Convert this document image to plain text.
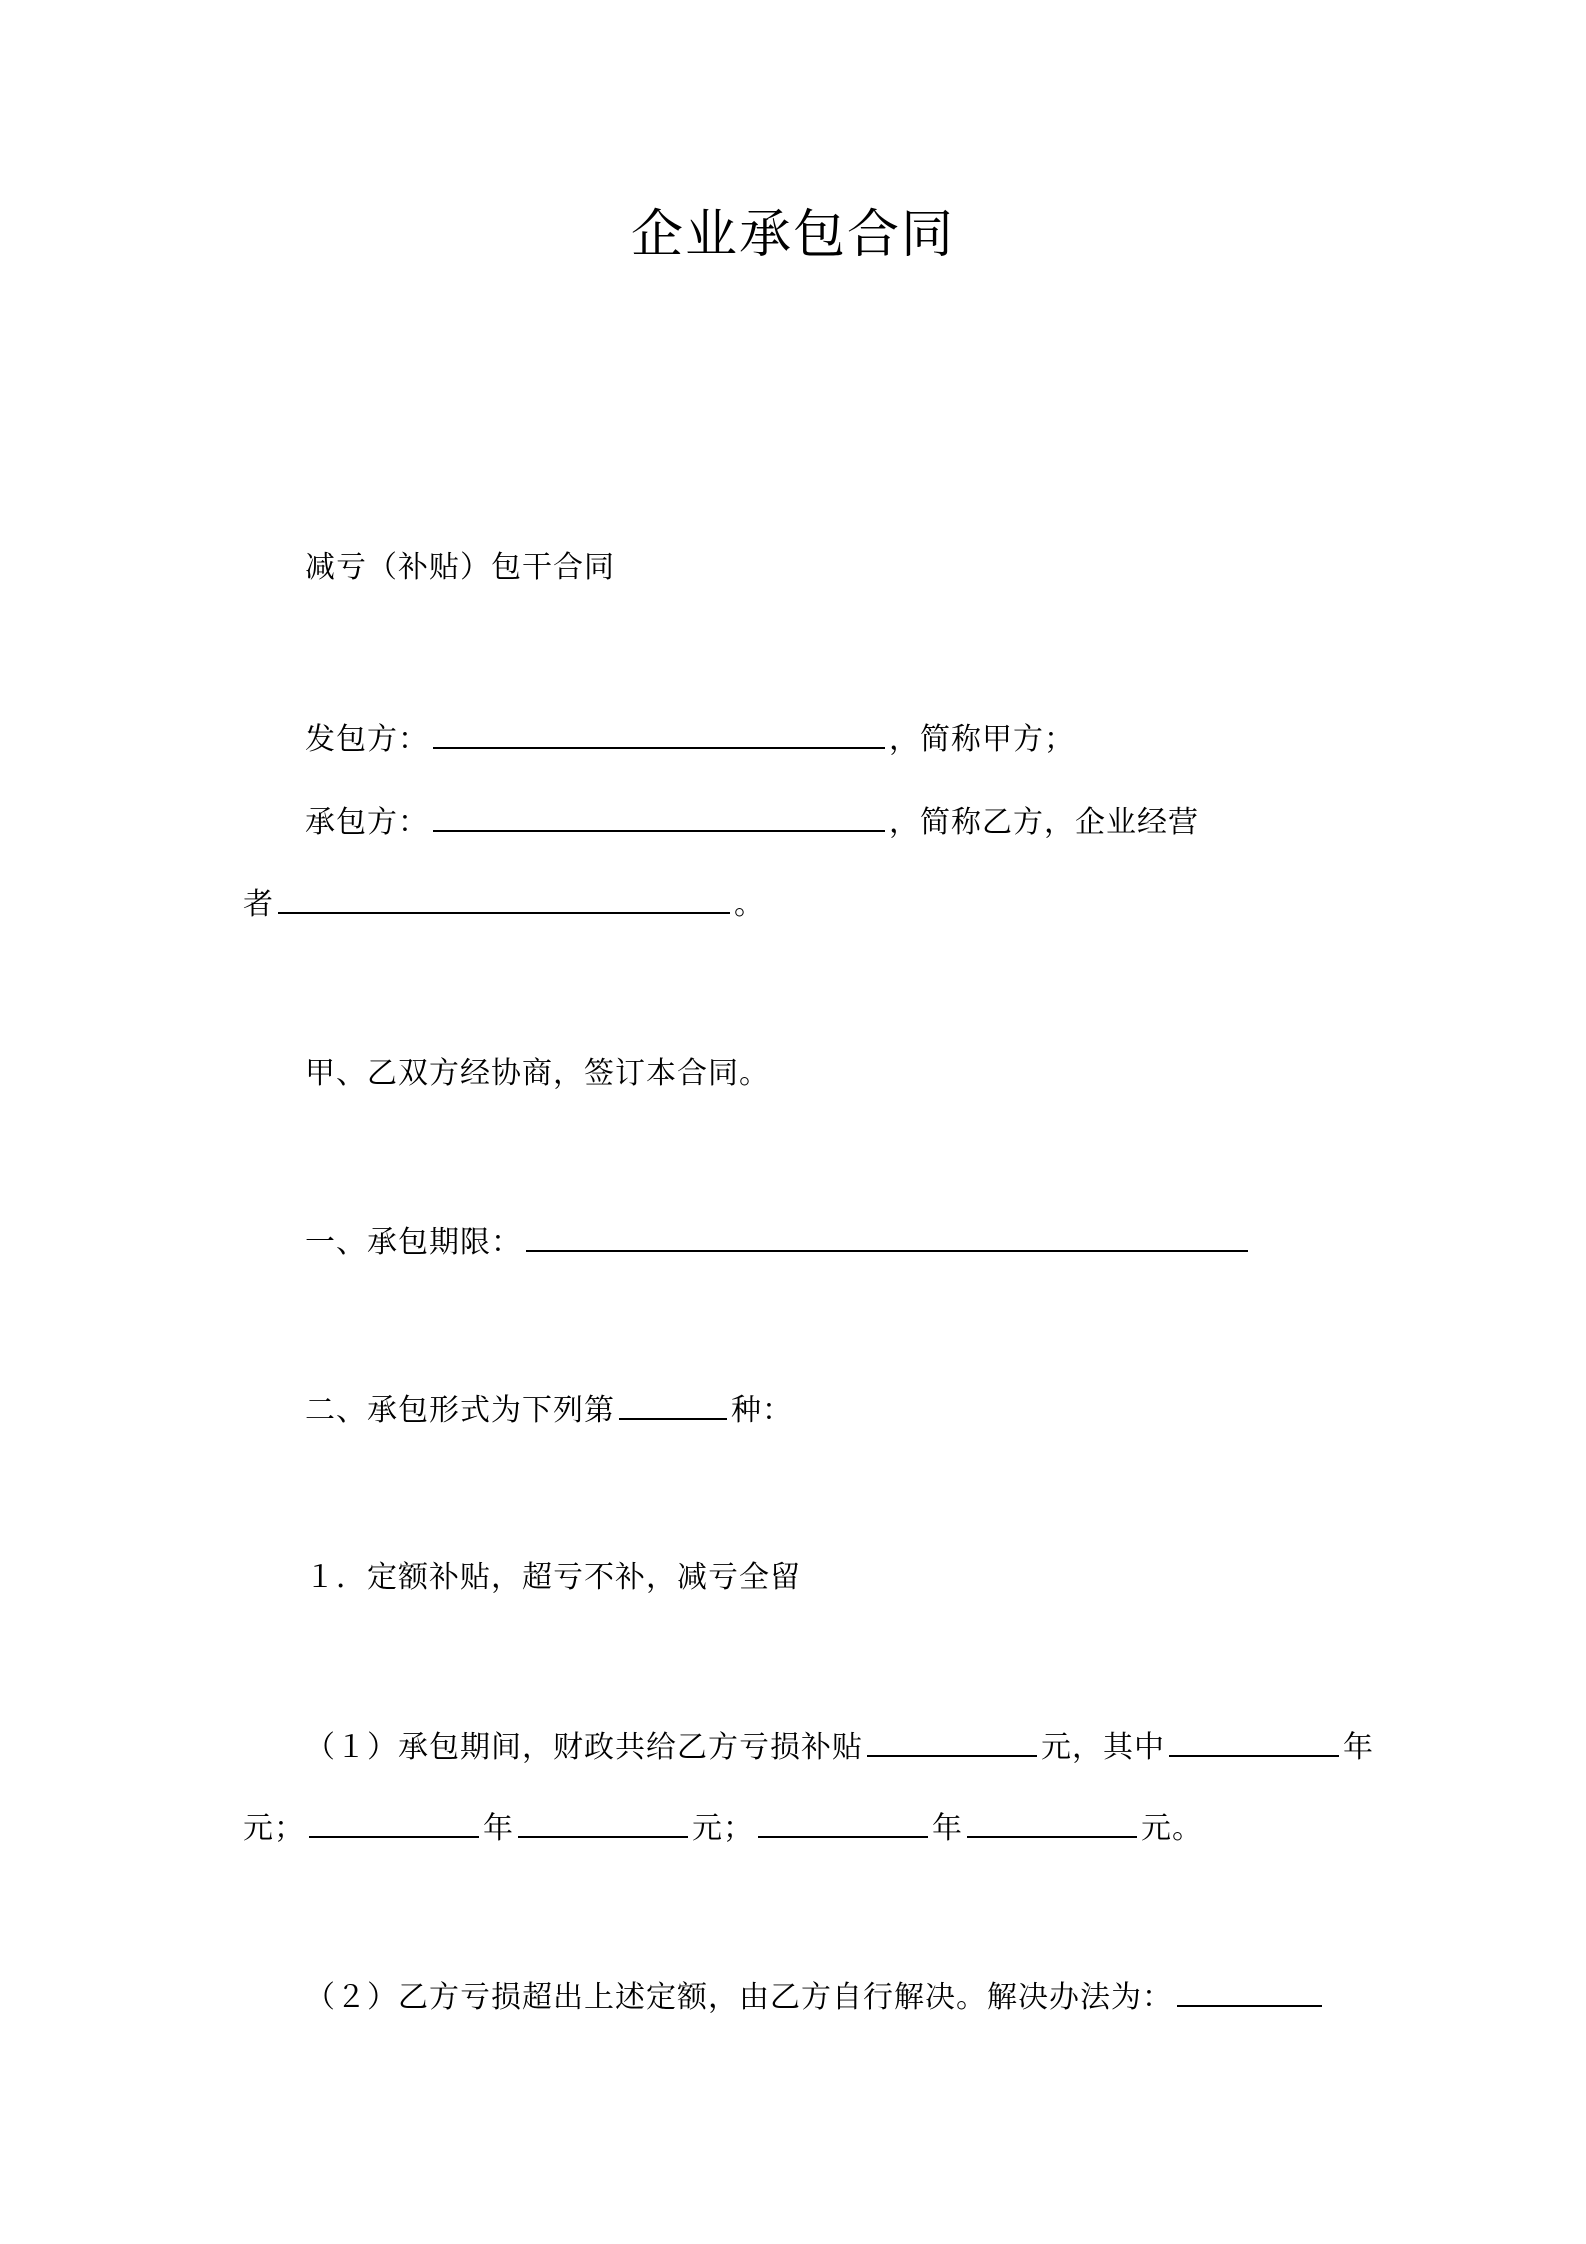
企业承包合同
减亏（补贴）包干合同
发包方：	，简称甲方；
承包方：	，简称乙方，企业经营
者	。
甲、乙双方经协商，签订本合同。
一、承包期限：
二、承包形式为下列第	种：
１．定额补贴，超亏不补，减亏全留
（１）承包期间，财政共给乙方亏损补贴	元，其中	年
元；	年	元；	年	元。
（２）乙方亏损超出上述定额，由乙方自行解决。解决办法为：
